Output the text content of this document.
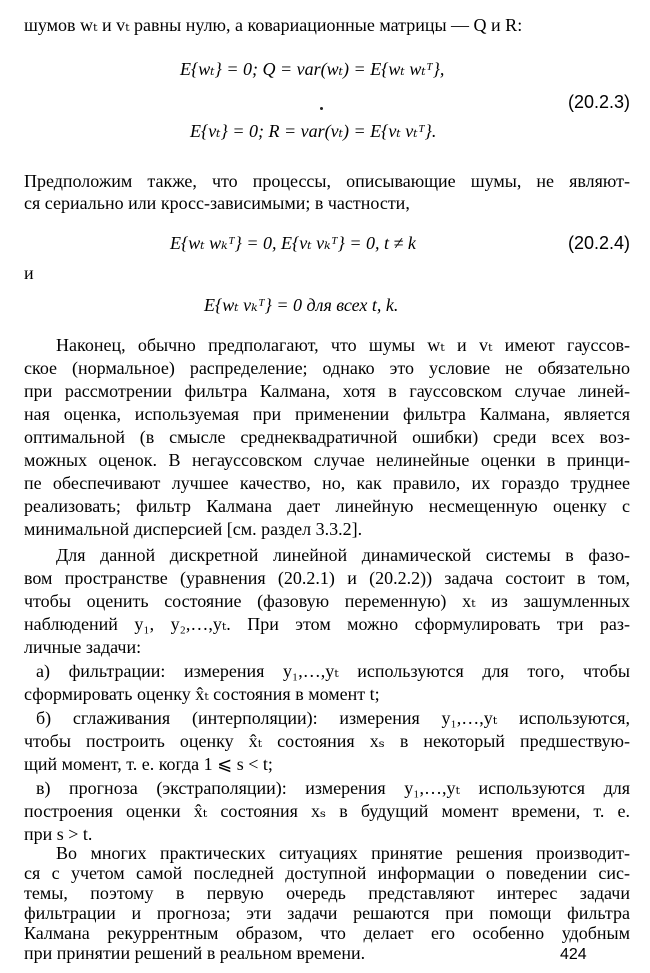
шумов wₜ и vₜ равны нулю, а ковариационные матрицы — Q и R:
E{wₜ} = 0; Q = var(wₜ) = E{wₜ wₜᵀ},
(20.2.3)
E{vₜ} = 0; R = var(vₜ) = E{vₜ vₜᵀ}.
Предположим также, что процессы, описывающие шумы, не являют-
ся сериально или кросс-зависимыми; в частности,
E{wₜ wₖᵀ} = 0, E{vₜ vₖᵀ} = 0, t ≠ k	(20.2.4)
и
E{wₜ vₖᵀ} = 0 для всех t, k.
Наконец, обычно предполагают, что шумы wₜ и vₜ имеют гауссов-
ское (нормальное) распределение; однако это условие не обязательно
при рассмотрении фильтра Калмана, хотя в гауссовском случае линей-
ная оценка, используемая при применении фильтра Калмана, является
оптимальной (в смысле среднеквадратичной ошибки) среди всех воз-
можных оценок. В негауссовском случае нелинейные оценки в принци-
пе обеспечивают лучшее качество, но, как правило, их гораздо труднее
реализовать; фильтр Калмана дает линейную несмещенную оценку с
минимальной дисперсией [см. раздел 3.3.2].
Для данной дискретной линейной динамической системы в фазо-
вом пространстве (уравнения (20.2.1) и (20.2.2)) задача состоит в том,
чтобы оценить состояние (фазовую переменную) xₜ из зашумленных
наблюдений y₁, y₂,…,yₜ. При этом можно сформулировать три раз-
личные задачи:
а) фильтрации: измерения y₁,…,yₜ используются для того, чтобы
сформировать оценку x̂ₜ состояния в момент t;
б) сглаживания (интерполяции): измерения y₁,…,yₜ используются,
чтобы построить оценку x̂ₜ состояния xₛ в некоторый предшествую-
щий момент, т. е. когда 1 ⩽ s < t;
в) прогноза (экстраполяции): измерения y₁,…,yₜ используются для
построения оценки x̂ₜ состояния xₛ в будущий момент времени, т. е.
при s > t.
Во многих практических ситуациях принятие решения производит-
ся с учетом самой последней доступной информации о поведении сис-
темы, поэтому в первую очередь представляют интерес задачи
фильтрации и прогноза; эти задачи решаются при помощи фильтра
Калмана рекуррентным образом, что делает его особенно удобным
при принятии решений в реальном времени.	424
